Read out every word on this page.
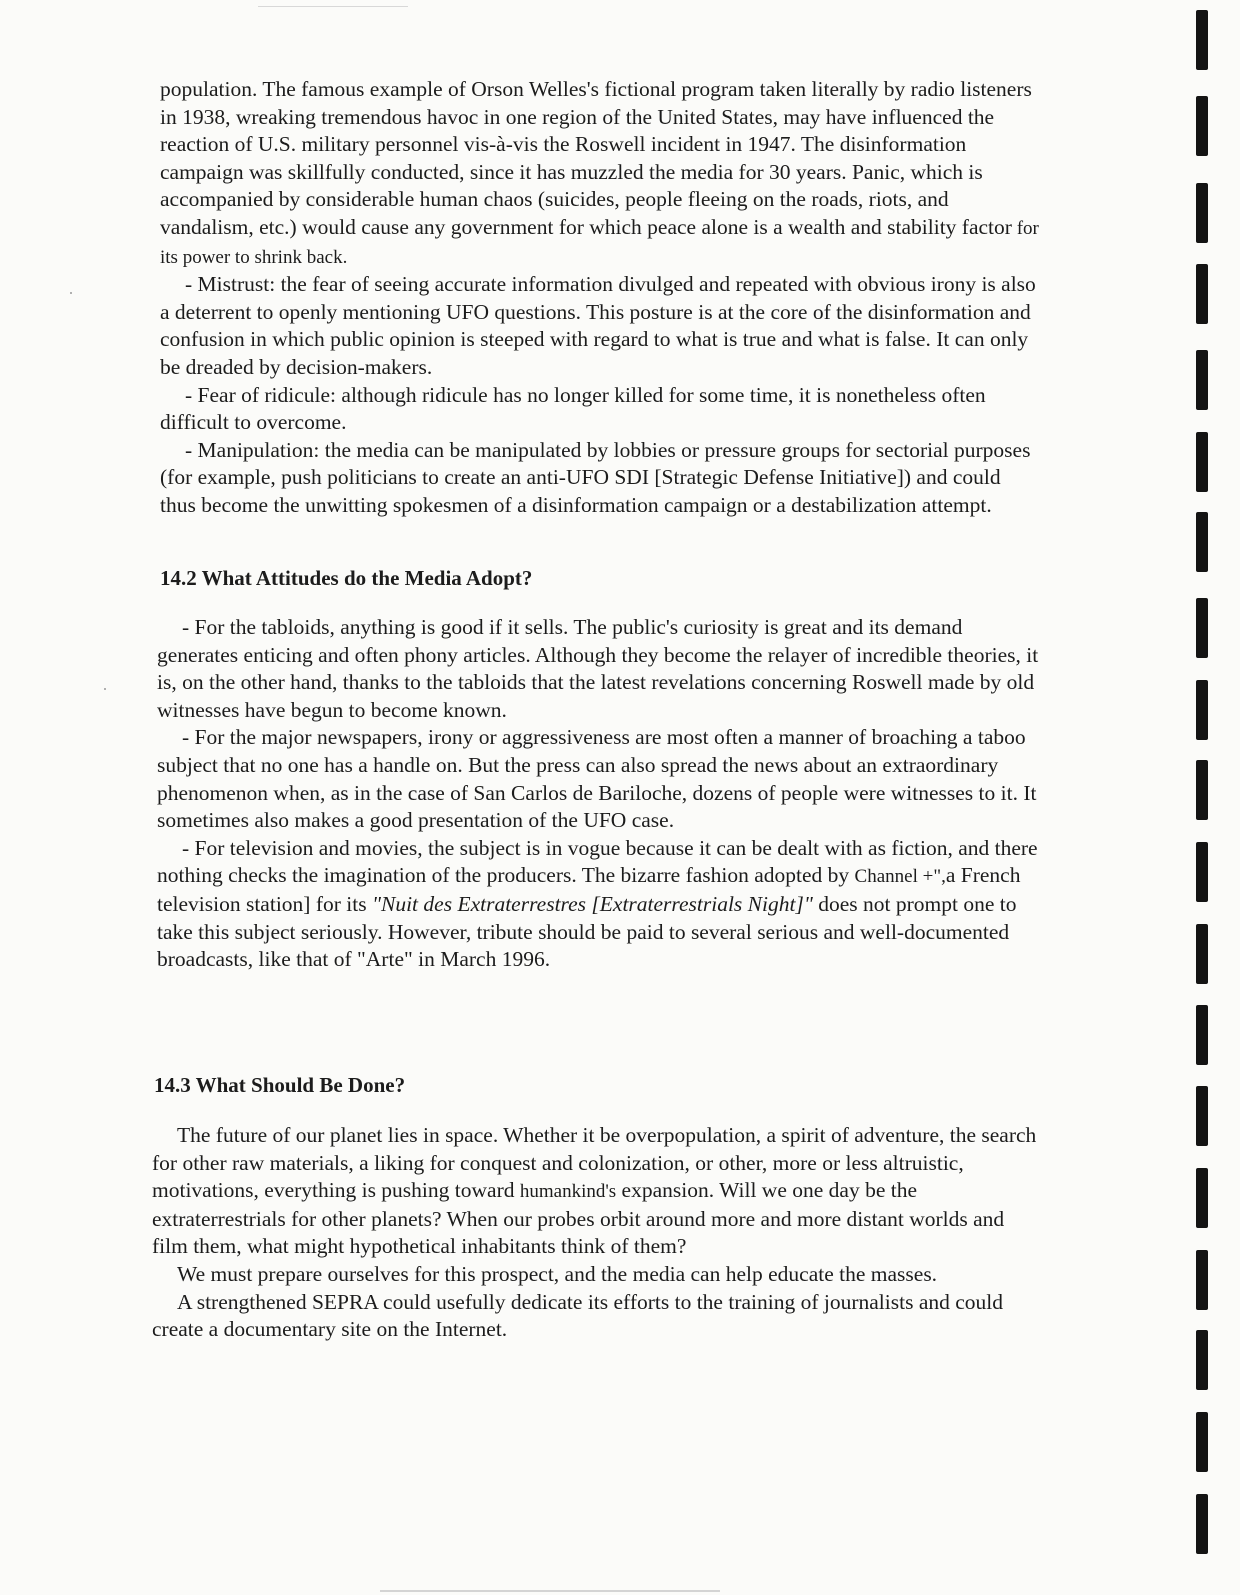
population. The famous example of Orson Welles's fictional program taken literally by radio listeners in 1938, wreaking tremendous havoc in one region of the United States, may have influenced the reaction of U.S. military personnel vis-à-vis the Roswell incident in 1947. The disinformation campaign was skillfully conducted, since it has muzzled the media for 30 years. Panic, which is accompanied by considerable human chaos (suicides, people fleeing on the roads, riots, and vandalism, etc.) would cause any government for which peace alone is a wealth and stability factor for its power to shrink back.

- Mistrust: the fear of seeing accurate information divulged and repeated with obvious irony is also a deterrent to openly mentioning UFO questions. This posture is at the core of the disinformation and confusion in which public opinion is steeped with regard to what is true and what is false. It can only be dreaded by decision-makers.

- Fear of ridicule: although ridicule has no longer killed for some time, it is nonetheless often difficult to overcome.

- Manipulation: the media can be manipulated by lobbies or pressure groups for sectorial purposes (for example, push politicians to create an anti-UFO SDI [Strategic Defense Initiative]) and could thus become the unwitting spokesmen of a disinformation campaign or a destabilization attempt.

14.2 What Attitudes do the Media Adopt?

- For the tabloids, anything is good if it sells. The public's curiosity is great and its demand generates enticing and often phony articles. Although they become the relayer of incredible theories, it is, on the other hand, thanks to the tabloids that the latest revelations concerning Roswell made by old witnesses have begun to become known.

- For the major newspapers, irony or aggressiveness are most often a manner of broaching a taboo subject that no one has a handle on. But the press can also spread the news about an extraordinary phenomenon when, as in the case of San Carlos de Bariloche, dozens of people were witnesses to it. It sometimes also makes a good presentation of the UFO case.

- For television and movies, the subject is in vogue because it can be dealt with as fiction, and there nothing checks the imagination of the producers. The bizarre fashion adopted by Channel +",a French television station] for its "Nuit des Extraterrestres [Extraterrestrials Night]" does not prompt one to take this subject seriously. However, tribute should be paid to several serious and well-documented broadcasts, like that of "Arte" in March 1996.

14.3 What Should Be Done?

The future of our planet lies in space. Whether it be overpopulation, a spirit of adventure, the search for other raw materials, a liking for conquest and colonization, or other, more or less altruistic, motivations, everything is pushing toward humankind's expansion. Will we one day be the extraterrestrials for other planets? When our probes orbit around more and more distant worlds and film them, what might hypothetical inhabitants think of them?

We must prepare ourselves for this prospect, and the media can help educate the masses.

A strengthened SEPRA could usefully dedicate its efforts to the training of journalists and could create a documentary site on the Internet.
